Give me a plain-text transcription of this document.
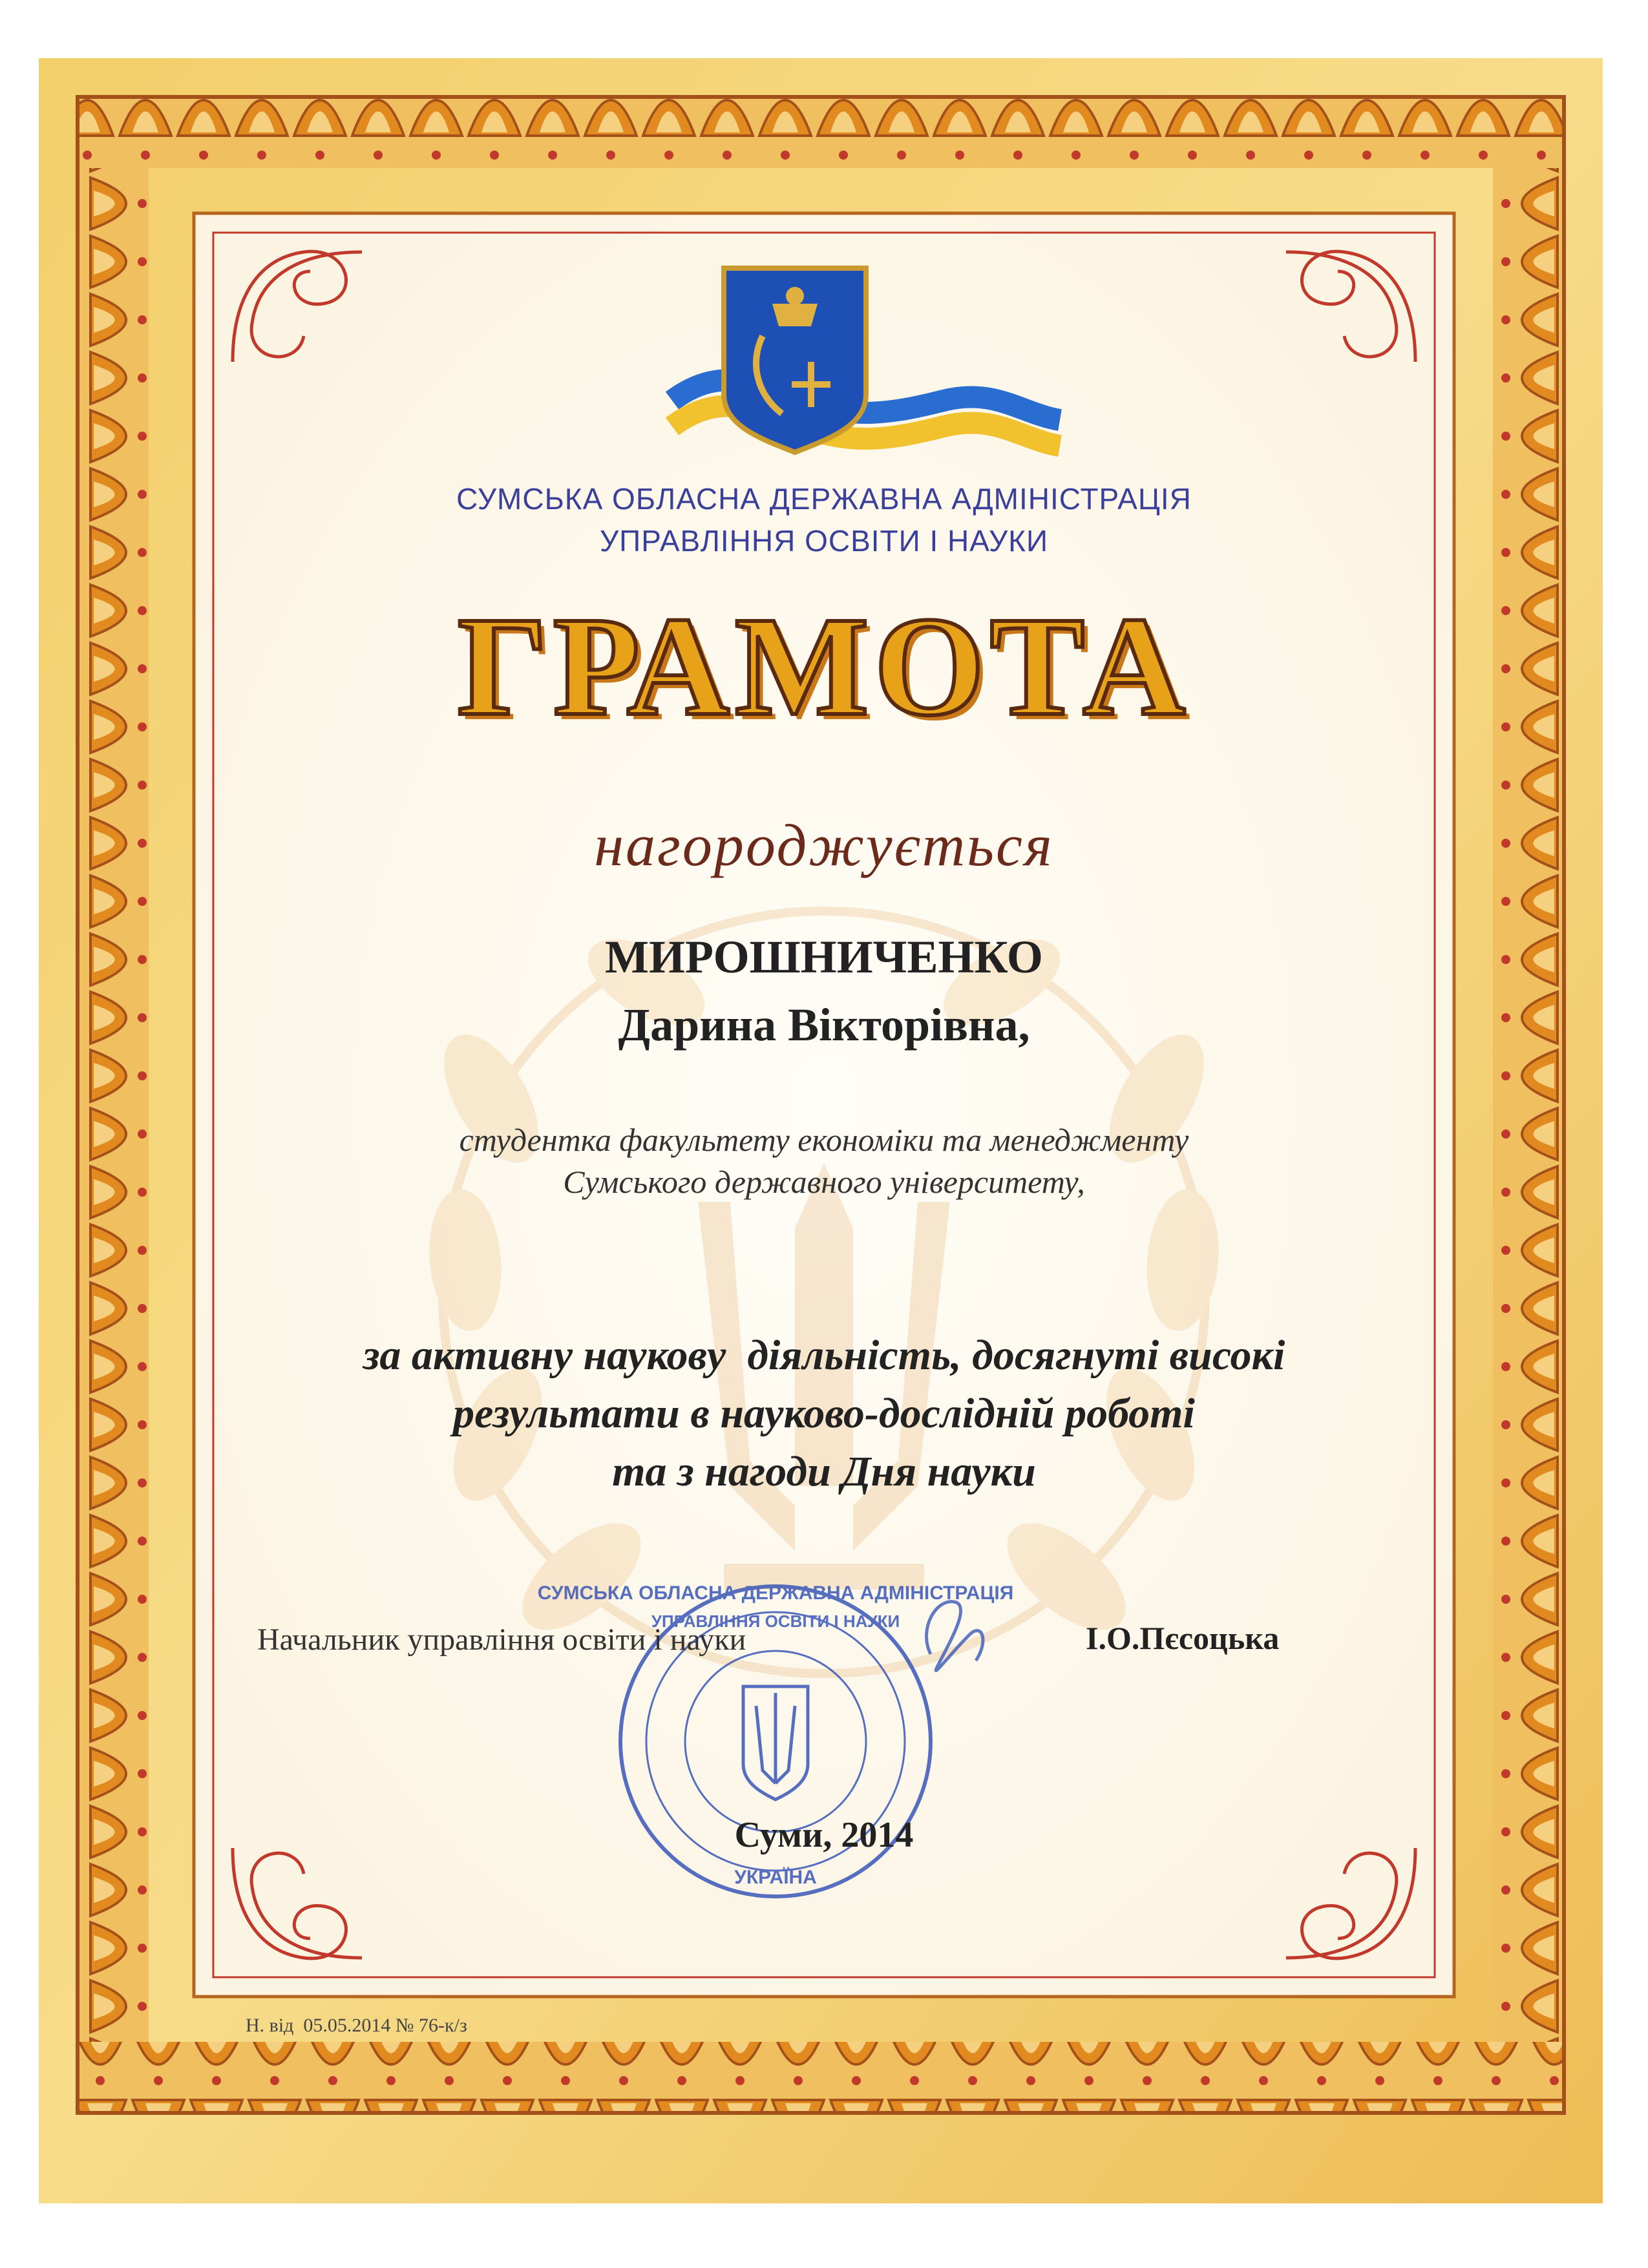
СУМСЬКА ОБЛАСНА ДЕРЖАВНА АДМІНІСТРАЦІЯ
УПРАВЛІННЯ ОСВІТИ І НАУКИ
УКРАЇНА

СУМСЬКА ОБЛАСНА ДЕРЖАВНА АДМІНІСТРАЦІЯ

УПРАВЛІННЯ ОСВІТИ І НАУКИ

ГРАМОТА

нагороджується

МИРОШНИЧЕНКО

Дарина Вікторівна,

студентка факультету економіки та менеджменту

Сумського державного університету,

за активну наукову  діяльність, досягнуті високі

результати в науково-дослідній роботі

та з нагоди Дня науки

Начальник управління освіти і науки	І.О.Пєсоцька

Суми, 2014

Н. від  05.05.2014 № 76-к/з
